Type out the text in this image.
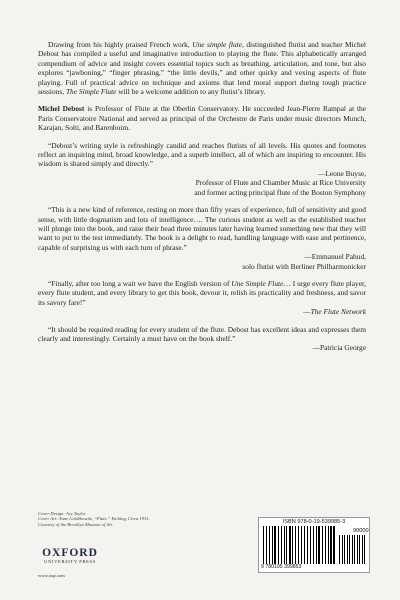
Drawing from his highly praised French work, Une simple flute, distinguished flutist and teacher Michel Debost has compiled a useful and imaginative introduction to playing the flute. This alphabetically arranged compendium of advice and insight covers essential topics such as breathing, articulation, and tone, but also explores “jawboning,” “finger phrasing,” “the little devils,” and other quirky and vexing aspects of flute playing. Full of practical advice on technique and axioms that lend moral support during tough practice sessions, The Simple Flute will be a welcome addition to any flutist’s library.

Michel Debost is Professor of Flute at the Oberlin Conservatory. He succeeded Jean-Pierre Rampal at the Paris Conservatoire National and served as principal of the Orchestre de Paris under music directors Munch, Karajan, Solti, and Barenboim.

“Debost’s writing style is refreshingly candid and reaches flutists of all levels. His quotes and footnotes reflect an inquiring mind, broad knowledge, and a superb intellect, all of which are inspiring to encounter. His wisdom is shared simply and directly.”

—Leone Buyse,

Professor of Flute and Chamber Music at Rice University

and former acting principal flute of the Boston Symphony

“This is a new kind of reference, resting on more than fifty years of experience, full of sensitivity and good sense, with little dogmatism and lots of intelligence…. The curious student as well as the established teacher will plunge into the book, and raise their head three minutes later having learned something new that they will want to put to the test immediately. The book is a delight to read, handling language with ease and pertinence, capable of surprising us with each turn of phrase.”

—Emmanuel Pahud,

solo flutist with Berliner Philharmonicker

“Finally, after too long a wait we have the English version of Une Simple Flute… I urge every flute player, every flute student, and every library to get this book, devour it, relish its practicality and freshness, and savor its savory fare!”

—The Flute Network

“It should be required reading for every student of the flute. Debost has excellent ideas and expresses them clearly and interestingly. Certainly a must have on the book shelf.”

—Patricia George

Cover Design: Ary Taylor
Cover Art: Anne Goldthwaite, “Flute.” Etching, Circa 1931.
Courtesy of the Brooklyn Museum of Art.
OXFORD
UNIVERSITY PRESS
www.oup.com
ISBN 978-0-19-539985-3
90000
9 780195 399853
